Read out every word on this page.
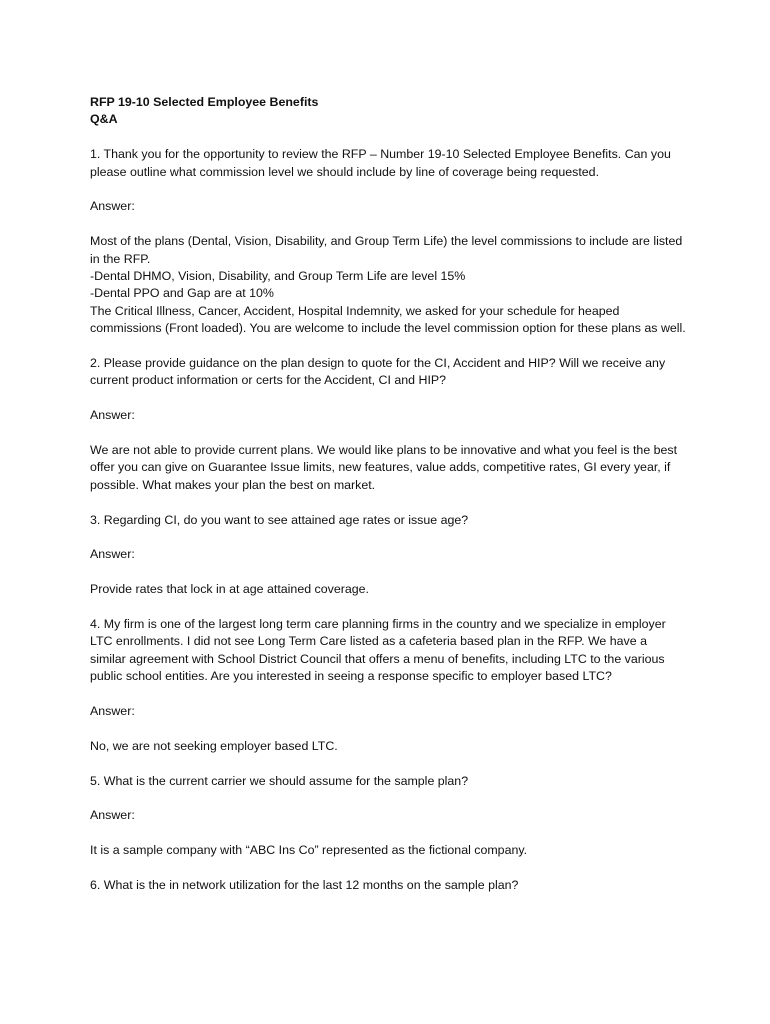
RFP 19-10 Selected Employee Benefits
Q&A

1. Thank you for the opportunity to review the RFP – Number 19-10 Selected Employee Benefits. Can you please outline what commission level we should include by line of coverage being requested.

Answer:

Most of the plans (Dental, Vision, Disability, and Group Term Life) the level commissions to include are listed in the RFP.
-Dental DHMO, Vision, Disability, and Group Term Life are level 15%
-Dental PPO and Gap are at 10%
The Critical Illness, Cancer, Accident, Hospital Indemnity, we asked for your schedule for heaped commissions (Front loaded). You are welcome to include the level commission option for these plans as well.

2. Please provide guidance on the plan design to quote for the CI, Accident and HIP? Will we receive any current product information or certs for the Accident, CI and HIP?

Answer:

We are not able to provide current plans. We would like plans to be innovative and what you feel is the best offer you can give on Guarantee Issue limits, new features, value adds, competitive rates, GI every year, if possible. What makes your plan the best on market.

3. Regarding CI, do you want to see attained age rates or issue age?

Answer:

Provide rates that lock in at age attained coverage.

4. My firm is one of the largest long term care planning firms in the country and we specialize in employer LTC enrollments. I did not see Long Term Care listed as a cafeteria based plan in the RFP. We have a similar agreement with School District Council that offers a menu of benefits, including LTC to the various public school entities. Are you interested in seeing a response specific to employer based LTC?

Answer:

No, we are not seeking employer based LTC.

5. What is the current carrier we should assume for the sample plan?

Answer:

It is a sample company with “ABC Ins Co” represented as the fictional company.

6. What is the in network utilization for the last 12 months on the sample plan?
